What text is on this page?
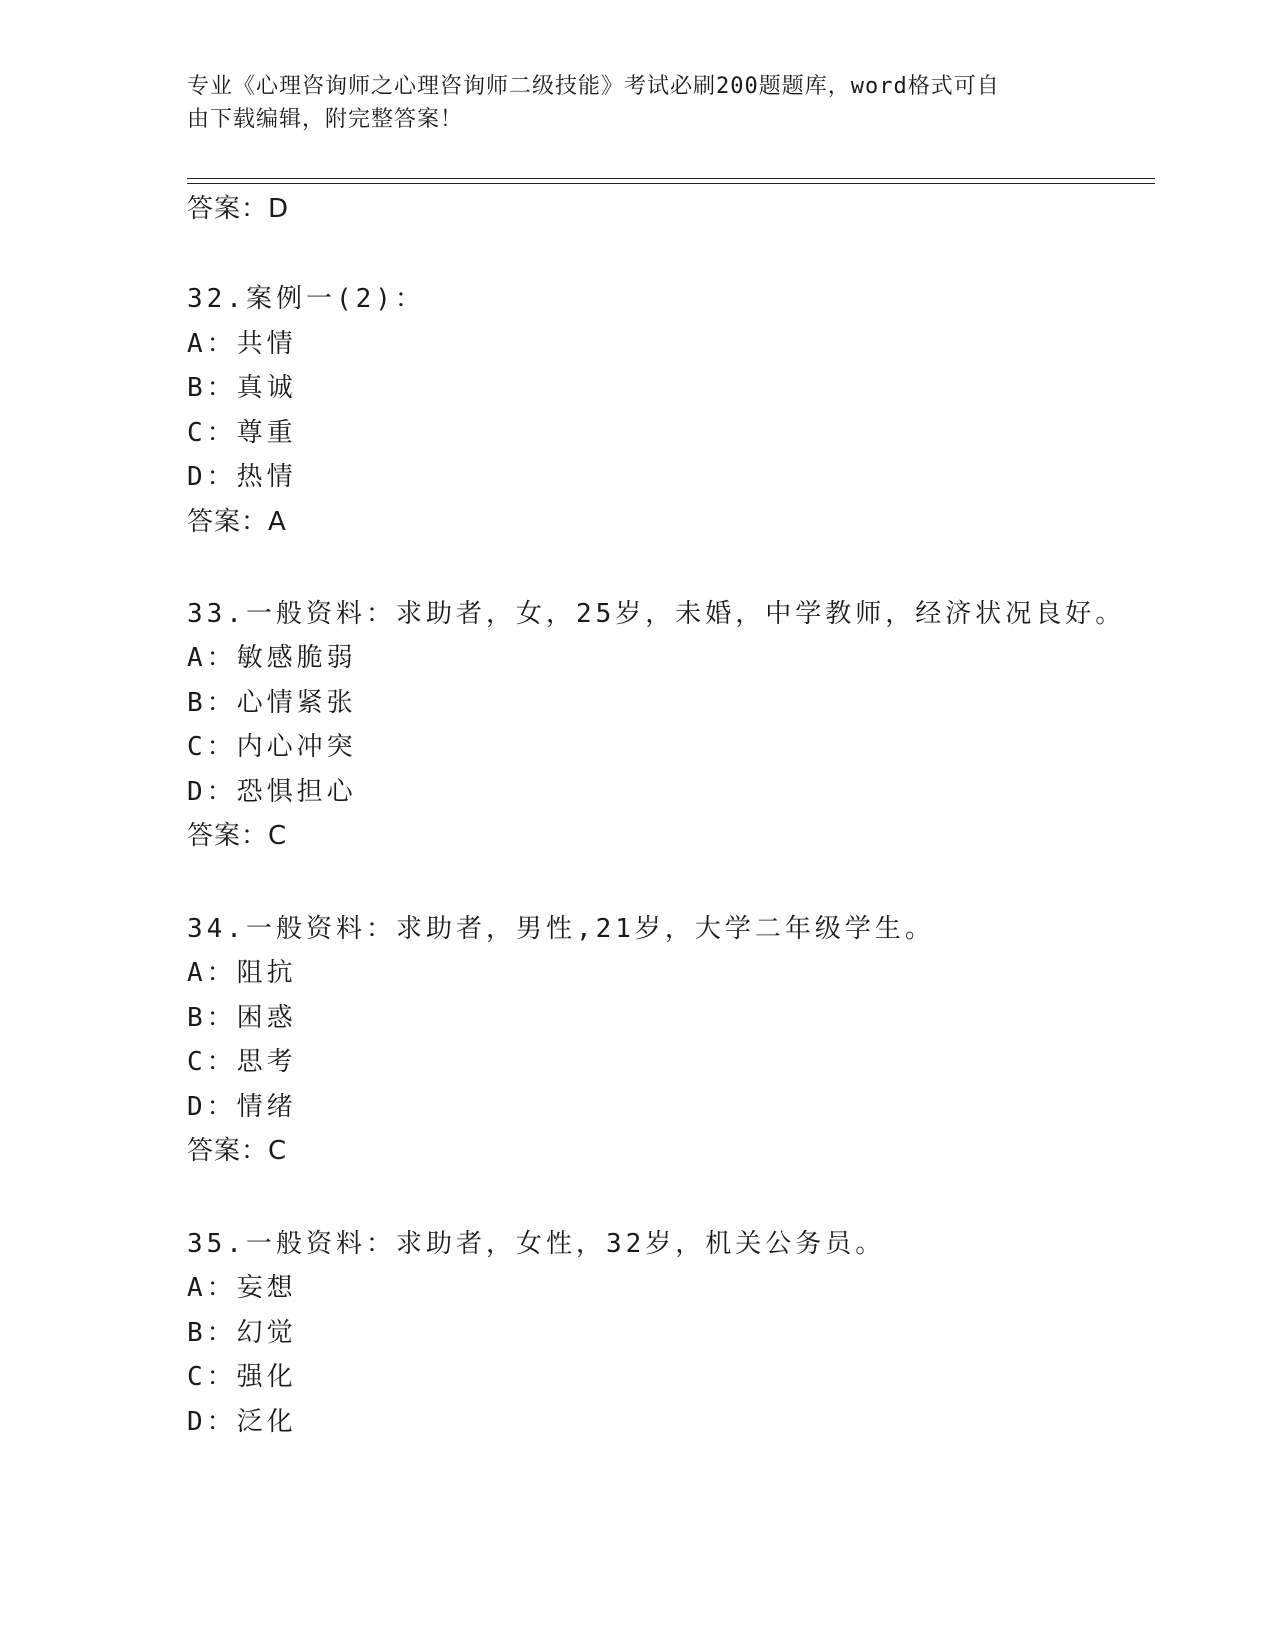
专业《心理咨询师之心理咨询师二级技能》考试必刷200题题库，word格式可自
由下载编辑，附完整答案！
答案：D
32.案例一(2)：
A：共情
B：真诚
C：尊重
D：热情
答案：A
33.一般资料：求助者，女，25岁，未婚，中学教师，经济状况良好。
A：敏感脆弱
B：心情紧张
C：内心冲突
D：恐惧担心
答案：C
34.一般资料：求助者，男性,21岁，大学二年级学生。
A：阻抗
B：困惑
C：思考
D：情绪
答案：C
35.一般资料：求助者，女性，32岁，机关公务员。
A：妄想
B：幻觉
C：强化
D：泛化
